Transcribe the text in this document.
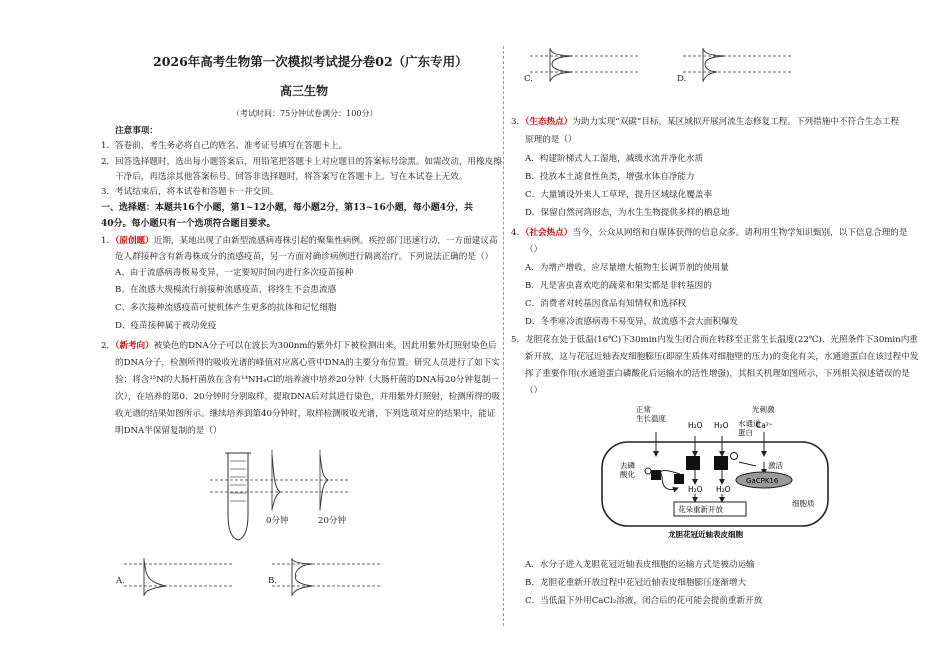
2026年高考生物第一次模拟考试提分卷02（广东专用）
高三生物
（考试时间：75分钟试卷满分：100分）
注意事项：
1．答卷前，考生务必将自己的姓名、准考证号填写在答题卡上。
2．回答选择题时，选出每小题答案后，用铅笔把答题卡上对应题目的答案标号涂黑。如需改动，用橡皮擦
干净后，再选涂其他答案标号。回答非选择题时，将答案写在答题卡上。写在本试卷上无效。
3．考试结束后，将本试卷和答题卡一并交回。
一、选择题：本题共16个小题，第1~12小题，每小题2分，第13~16小题，每小题4分，共
40分。每小题只有一个选项符合题目要求。
1．（原创题）近期，某地出现了由新型流感病毒株引起的聚集性病例。疾控部门迅速行动，一方面建议高
危人群接种含有新毒株成分的流感疫苗，另一方面对确诊病例进行隔离治疗。下列说法正确的是（）
A、由于流感病毒极易变异，一定要短时间内进行多次疫苗接种
B、在流感大规模流行前接种流感疫苗，将终生不会患流感
C、多次接种流感疫苗可使机体产生更多的抗体和记忆细胞
D、疫苗接种属于被动免疫
2．（新考向）被染色的DNA分子可以在波长为300nm的紫外灯下被检测出来，因此用紫外灯照射染色后
的DNA分子，检测所得的吸收光谱的峰值对应离心管中DNA的主要分布位置。研究人员进行了如下实
验：将含¹⁵N的大肠杆菌放在含有¹⁴NH₄Cl的培养液中培养20分钟（大肠杆菌的DNA每20分钟复制一
次），在培养的第0、20分钟时分别取样，提取DNA后对其进行染色，并用紫外灯照射，检测所得的吸
收光谱的结果如图所示。继续培养到第40分钟时，取样检测吸收光谱，下列选项对应的结果中，能证
明DNA半保留复制的是（）
0分钟	20分钟
A.	B.
C.	D.
3．（生态热点）为助力实现“双碳”目标，某区域拟开展河流生态修复工程。下列措施中不符合生态工程
原理的是（）
A．构建阶梯式人工湿地，减缓水流并净化水质
B．投放本土滤食性鱼类，增强水体自净能力
C．大量铺设外来人工草坪，提升区域绿化覆盖率
D．保留自然河湾形态，为水生生物提供多样的栖息地
4．（社会热点）当今，公众从网络和自媒体获得的信息众多。请利用生物学知识甄别，以下信息合理的是
（）
A．为增产增收，应尽量增大植物生长调节剂的使用量
B．凡是害虫喜欢吃的蔬菜和果实都是非转基因的
C．消费者对转基因食品有知情权和选择权
D．冬季寒冷流感病毒不易变异，故流感不会大面积爆发
5．龙胆花在处于低温(16℃)下30min内发生闭合而在转移至正常生长温度(22℃)、光照条件下30min内重
新开放，这与花冠近轴表皮细胞膨压(即原生质体对细胞壁的压力)的变化有关，水通道蛋白在该过程中发
挥了重要作用(水通道蛋白磷酸化后运输水的活性增强)，其相关机理如图所示，下列相关叙述错误的是
（）
正常生长温度
H₂O H₂O
H₂O H₂O
水通道蛋白
光刺激
Ca²⁺
激活
GaCPK16
去磷酸化
花朵重新开放
细胞质
龙胆花冠近轴表皮细胞
A．水分子进入龙胆花冠近轴表皮细胞的运输方式是被动运输
B．龙胆花重新开放过程中花冠近轴表皮细胞膨压逐渐增大
C．当低温下外用CaCl₂溶液，闭合后的花可能会提前重新开放
